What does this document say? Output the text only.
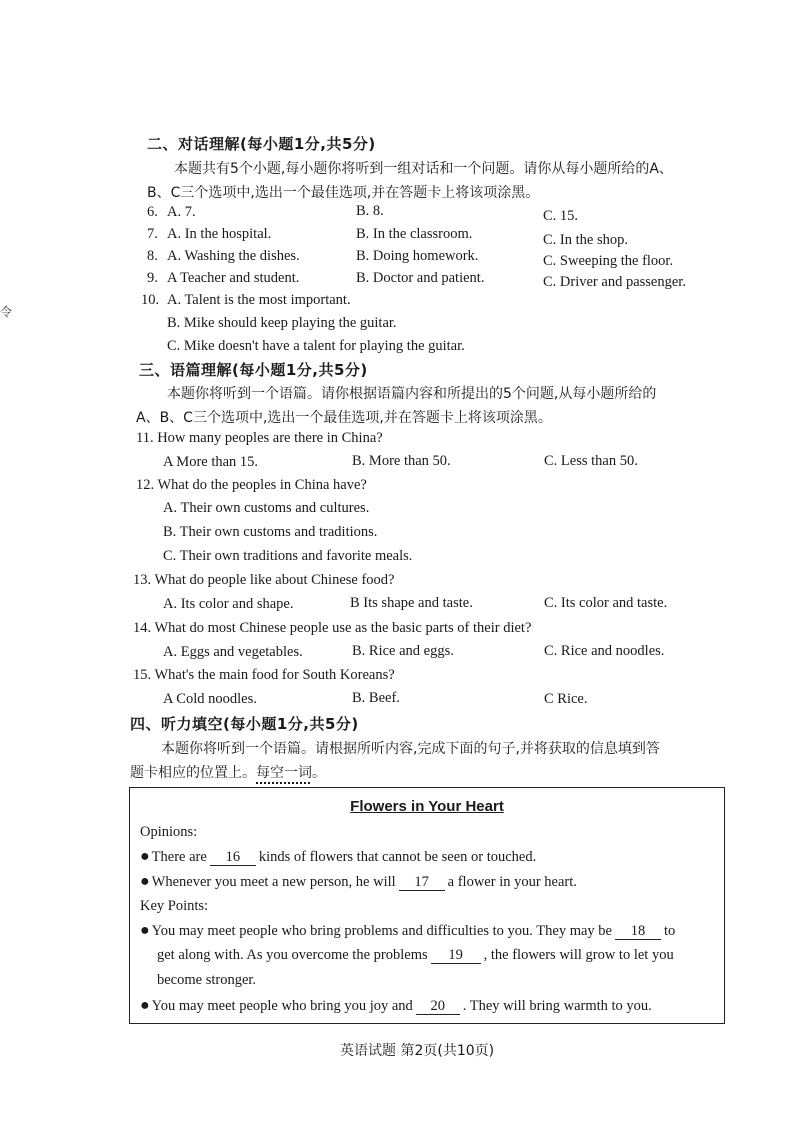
令
二、对话理解(每小题1分,共5分)
本题共有5个小题,每小题你将听到一组对话和一个问题。请你从每小题所给的A、
B、C三个选项中,选出一个最佳选项,并在答题卡上将该项涂黑。
6. A. 7.	B. 8.	C. 15.
7. A. In the hospital.	B. In the classroom.	C. In the shop.
8. A. Washing the dishes.	B. Doing homework.	C. Sweeping the floor.
9. A Teacher and student.	B. Doctor and patient.	C. Driver and passenger.
10. A. Talent is the most important.
B. Mike should keep playing the guitar.
C. Mike doesn't have a talent for playing the guitar.
三、语篇理解(每小题1分,共5分)
本题你将听到一个语篇。请你根据语篇内容和所提出的5个问题,从每小题所给的
A、B、C三个选项中,选出一个最佳选项,并在答题卡上将该项涂黑。
11. How many peoples are there in China?
A More than 15.	B. More than 50.	C. Less than 50.
12. What do the peoples in China have?
A. Their own customs and cultures.
B. Their own customs and traditions.
C. Their own traditions and favorite meals.
13. What do people like about Chinese food?
A. Its color and shape.	B Its shape and taste.	C. Its color and taste.
14. What do most Chinese people use as the basic parts of their diet?
A. Eggs and vegetables.	B. Rice and eggs.	C. Rice and noodles.
15. What's the main food for South Koreans?
A Cold noodles.	B. Beef.	C Rice.
四、听力填空(每小题1分,共5分)
本题你将听到一个语篇。请根据所听内容,完成下面的句子,并将获取的信息填到答
题卡相应的位置上。每空一词。
Flowers in Your Heart
Opinions:
● There are 16 kinds of flowers that cannot be seen or touched.
● Whenever you meet a new person, he will 17 a flower in your heart.
Key Points:
● You may meet people who bring problems and difficulties to you. They may be 18 to
get along with. As you overcome the problems 19 , the flowers will grow to let you
become stronger.
● You may meet people who bring you joy and 20 . They will bring warmth to you.
英语试题 第2页(共10页)
